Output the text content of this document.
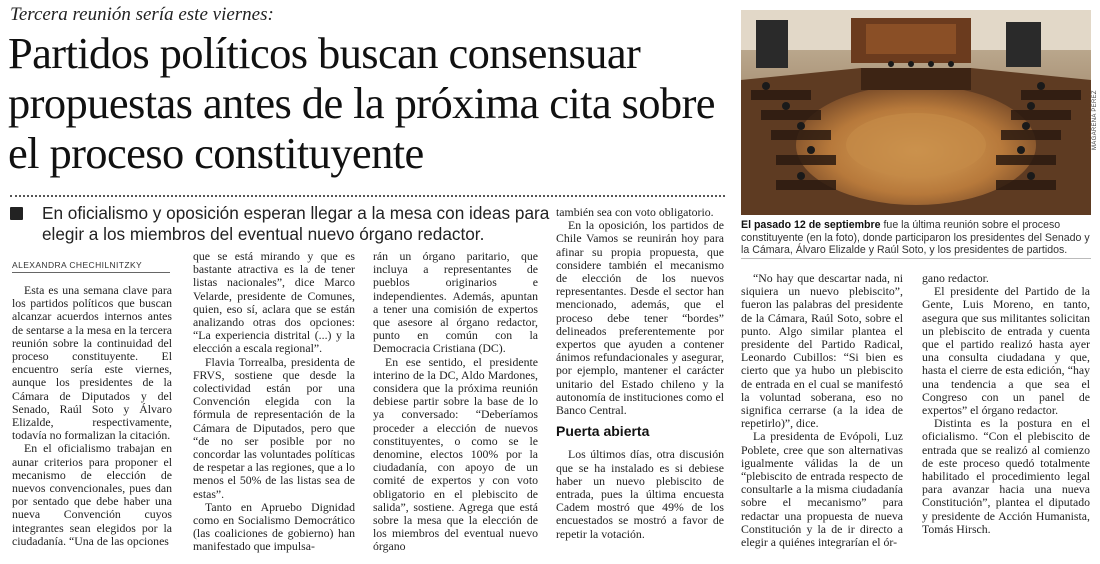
Tercera reunión sería este viernes:
Partidos políticos buscan consensuar propuestas antes de la próxima cita sobre el proceso constituyente
En oficialismo y oposición esperan llegar a la mesa con ideas para elegir a los miembros del eventual nuevo órgano redactor.
ALEXANDRA CHECHILNITZKY

Esta es una semana clave para los partidos políticos que buscan alcanzar acuerdos internos antes de sentarse a la mesa en la tercera reunión sobre la continuidad del proceso constituyente. El encuentro sería este viernes, aunque los presidentes de la Cámara de Diputados y del Senado, Raúl Soto y Álvaro Elizalde, respectivamente, todavía no formalizan la citación.

En el oficialismo trabajan en aunar criterios para proponer el mecanismo de elección de nuevos convencionales, pues dan por sentado que debe haber una nueva Convención cuyos integrantes sean elegidos por la ciudadanía. “Una de las opciones

que se está mirando y que es bastante atractiva es la de tener listas nacionales”, dice Marco Velarde, presidente de Comunes, quien, eso sí, aclara que se están analizando otras dos opciones: “La experiencia distrital (...) y la elección a escala regional”.

Flavia Torrealba, presidenta de FRVS, sostiene que desde la colectividad están por una Convención elegida con la fórmula de representación de la Cámara de Diputados, pero que “de no ser posible por no concordar las voluntades políticas de respetar a las regiones, que a lo menos el 50% de las listas sea de estas”.

Tanto en Apruebo Dignidad como en Socialismo Democrático (las coaliciones de gobierno) han manifestado que impulsa-

rán un órgano paritario, que incluya a representantes de pueblos originarios e independientes. Además, apuntan a tener una comisión de expertos que asesore al órgano redactor, punto en común con la Democracia Cristiana (DC).

En ese sentido, el presidente interino de la DC, Aldo Mardones, considera que la próxima reunión debiese partir sobre la base de lo ya conversado: “Deberíamos proceder a elección de nuevos constituyentes, o como se le denomine, electos 100% por la ciudadanía, con apoyo de un comité de expertos y con voto obligatorio en el plebiscito de salida”, sostiene. Agrega que está sobre la mesa que la elección de los miembros del eventual nuevo órgano

también sea con voto obligatorio.

En la oposición, los partidos de Chile Vamos se reunirán hoy para afinar su propia propuesta, que considere también el mecanismo de elección de los nuevos representantes. Desde el sector han mencionado, además, que el proceso debe tener “bordes” delineados preferentemente por expertos que ayuden a contener ánimos refundacionales y asegurar, por ejemplo, mantener el carácter unitario del Estado chileno y la autonomía de instituciones como el Banco Central.

Puerta abierta

Los últimos días, otra discusión que se ha instalado es si debiese haber un nuevo plebiscito de entrada, pues la última encuesta Cadem mostró que 49% de los encuestados se mostró a favor de repetir la votación.

MAGARENA PEREZ
El pasado 12 de septiembre fue la última reunión sobre el proceso constituyente (en la foto), donde participaron los presidentes del Senado y la Cámara, Álvaro Elizalde y Raúl Soto, y los presidentes de partidos.

“No hay que descartar nada, ni siquiera un nuevo plebiscito”, fueron las palabras del presidente de la Cámara, Raúl Soto, sobre el punto. Algo similar plantea el presidente del Partido Radical, Leonardo Cubillos: “Si bien es cierto que ya hubo un plebiscito de entrada en el cual se manifestó la voluntad soberana, eso no significa cerrarse (a la idea de repetirlo)”, dice.

La presidenta de Evópoli, Luz Poblete, cree que son alternativas igualmente válidas la de un “plebiscito de entrada respecto de consultarle a la misma ciudadanía sobre el mecanismo” para redactar una propuesta de nueva Constitución y la de ir directo a elegir a quiénes integrarían el ór-

gano redactor.

El presidente del Partido de la Gente, Luis Moreno, en tanto, asegura que sus militantes solicitan un plebiscito de entrada y cuenta que el partido realizó hasta ayer una consulta ciudadana y que, hasta el cierre de esta edición, “hay una tendencia a que sea el Congreso con un panel de expertos” el órgano redactor.

Distinta es la postura en el oficialismo. “Con el plebiscito de entrada que se realizó al comienzo de este proceso quedó totalmente habilitado el procedimiento legal para avanzar hacia una nueva Constitución”, plantea el diputado y presidente de Acción Humanista, Tomás Hirsch.
